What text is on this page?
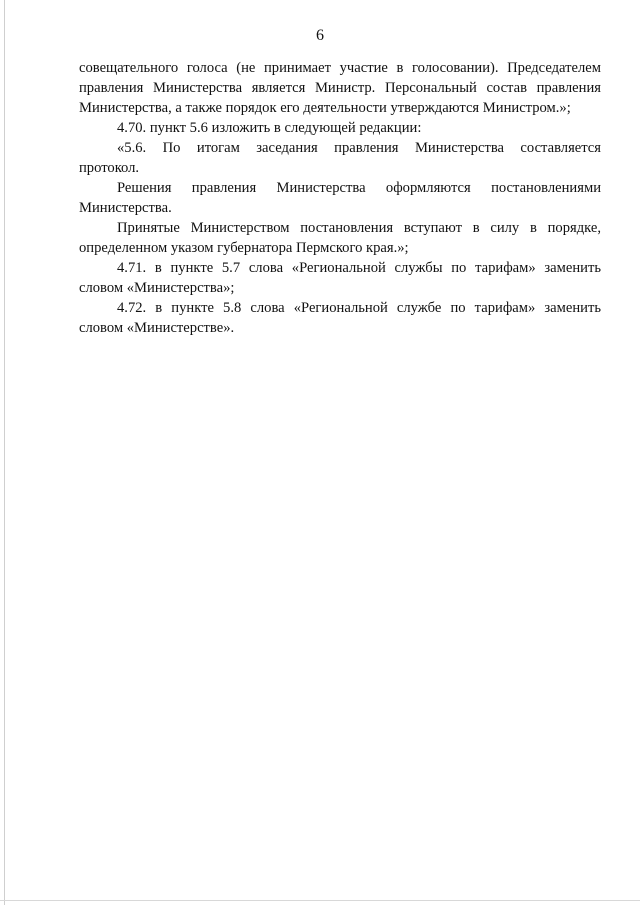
6

совещательного голоса (не принимает участие в голосовании). Председателем
правления Министерства является Министр. Персональный состав правления
Министерства, а также порядок его деятельности утверждаются Министром.»;

4.70. пункт 5.6 изложить в следующей редакции:

«5.6. По итогам заседания правления Министерства составляется
протокол.

Решения правления Министерства оформляются постановлениями
Министерства.

Принятые Министерством постановления вступают в силу в порядке,
определенном указом губернатора Пермского края.»;

4.71. в пункте 5.7 слова «Региональной службы по тарифам» заменить
словом «Министерства»;

4.72. в пункте 5.8 слова «Региональной службе по тарифам» заменить
словом «Министерстве».
